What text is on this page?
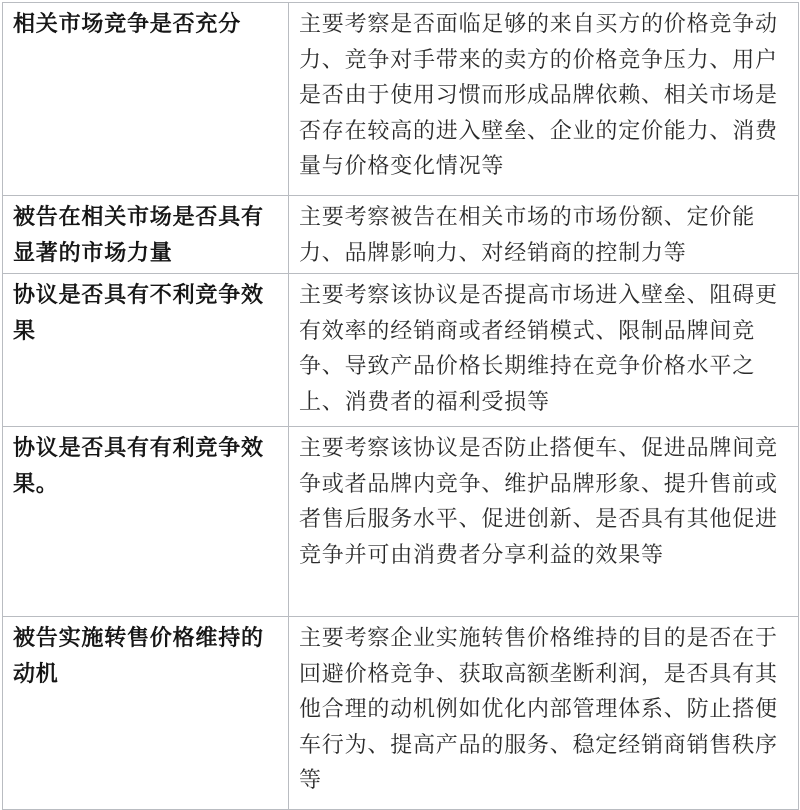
相关市场竞争是否充分	主要考察是否面临足够的来自买方的价格竞争动力、竞争对手带来的卖方的价格竞争压力、用户是否由于使用习惯而形成品牌依赖、相关市场是否存在较高的进入壁垒、企业的定价能力、消费量与价格变化情况等
被告在相关市场是否具有显著的市场力量	主要考察被告在相关市场的市场份额、定价能力、品牌影响力、对经销商的控制力等
协议是否具有不利竞争效果	主要考察该协议是否提高市场进入壁垒、阻碍更有效率的经销商或者经销模式、限制品牌间竞争、导致产品价格长期维持在竞争价格水平之上、消费者的福利受损等
协议是否具有有利竞争效果。	主要考察该协议是否防止搭便车、促进品牌间竞争或者品牌内竞争、维护品牌形象、提升售前或者售后服务水平、促进创新、是否具有其他促进竞争并可由消费者分享利益的效果等
被告实施转售价格维持的动机	主要考察企业实施转售价格维持的目的是否在于回避价格竞争、获取高额垄断利润，是否具有其他合理的动机例如优化内部管理体系、防止搭便车行为、提高产品的服务、稳定经销商销售秩序等
